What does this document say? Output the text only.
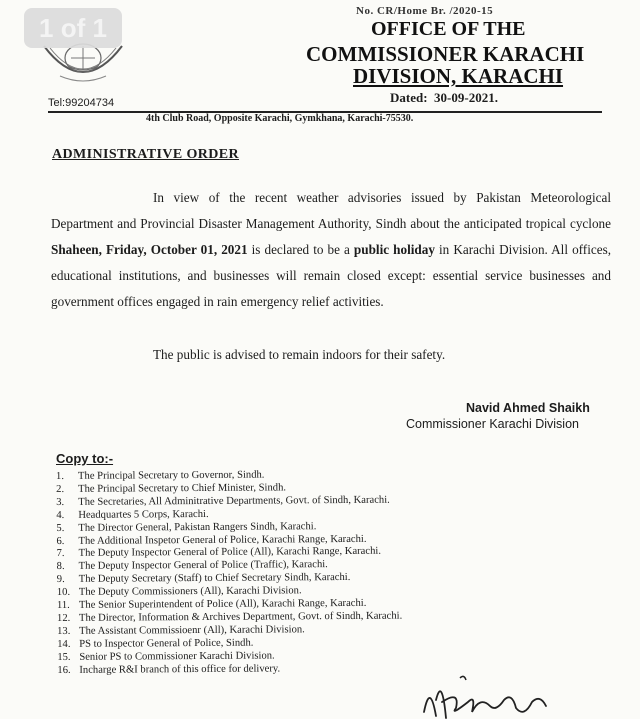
No. CR/Home Br. /2020-15
OFFICE OF THE
COMMISSIONER KARACHI
DIVISION, KARACHI
Dated: 30-09-2021.
Tel:99204734
4th Club Road, Opposite Karachi, Gymkhana, Karachi-75530.
ADMINISTRATIVE ORDER
In view of the recent weather advisories issued by Pakistan Meteorological Department and Provincial Disaster Management Authority, Sindh about the anticipated tropical cyclone Shaheen, Friday, October 01, 2021 is declared to be a public holiday in Karachi Division. All offices, educational institutions, and businesses will remain closed except: essential service businesses and government offices engaged in rain emergency relief activities.
The public is advised to remain indoors for their safety.
Navid Ahmed Shaikh
Commissioner Karachi Division
Copy to:-
1. The Principal Secretary to Governor, Sindh.
2. The Principal Secretary to Chief Minister, Sindh.
3. The Secretaries, All Adminitrative Departments, Govt. of Sindh, Karachi.
4. Headquartes 5 Corps, Karachi.
5. The Director General, Pakistan Rangers Sindh, Karachi.
6. The Additional Inspetor General of Police, Karachi Range, Karachi.
7. The Deputy Inspector General of Police (All), Karachi Range, Karachi.
8. The Deputy Inspector General of Police (Traffic), Karachi.
9. The Deputy Secretary (Staff) to Chief Secretary Sindh, Karachi.
10. The Deputy Commissioners (All), Karachi Division.
11. The Senior Superintendent of Police (All), Karachi Range, Karachi.
12. The Director, Information & Archives Department, Govt. of Sindh, Karachi.
13. The Assistant Commissioenr (All), Karachi Division.
14. PS to Inspector General of Police, Sindh.
15. Senior PS to Commissioner Karachi Division.
16. Incharge R&I branch of this office for delivery.
1 of 1
